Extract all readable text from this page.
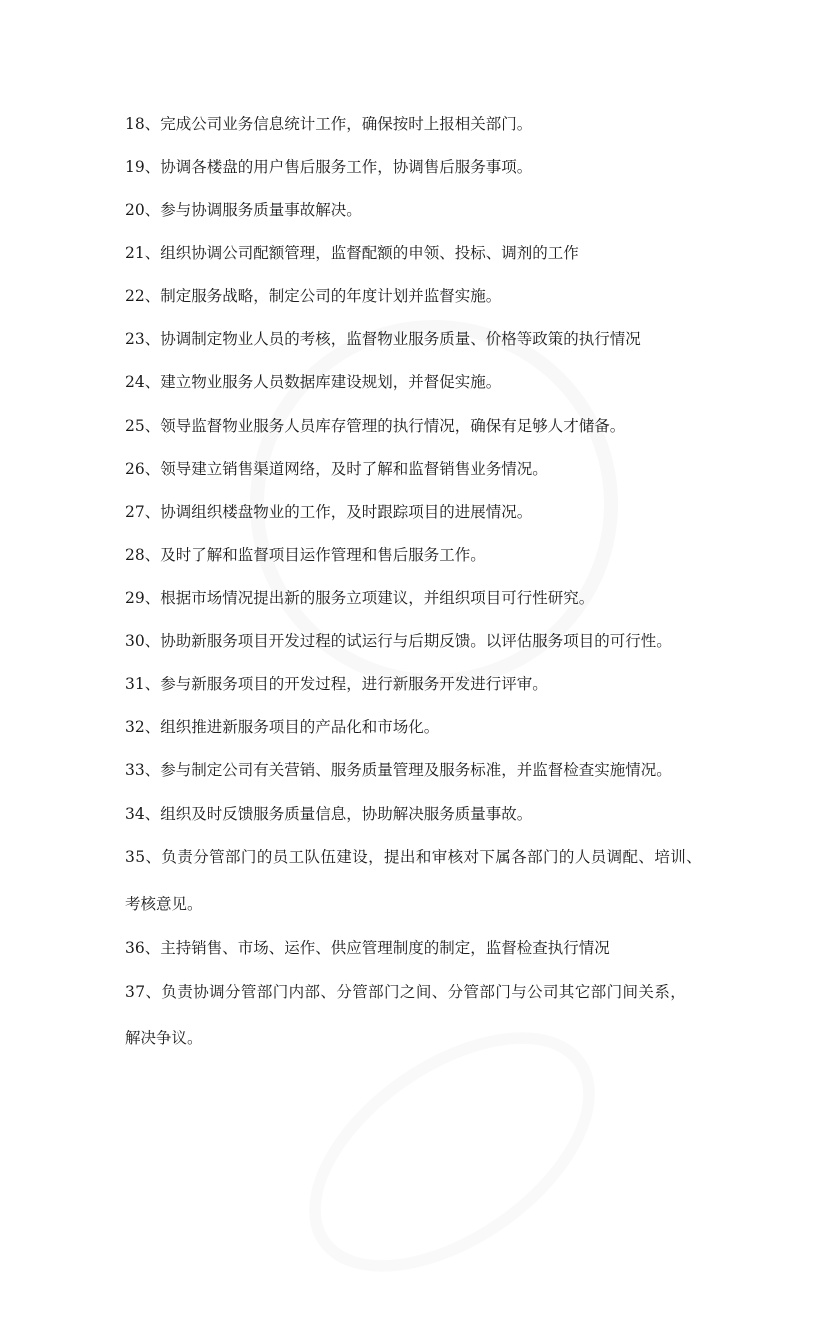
18、完成公司业务信息统计工作，确保按时上报相关部门。
19、协调各楼盘的用户售后服务工作，协调售后服务事项。
20、参与协调服务质量事故解决。
21、组织协调公司配额管理，监督配额的申领、投标、调剂的工作
22、制定服务战略，制定公司的年度计划并监督实施。
23、协调制定物业人员的考核，监督物业服务质量、价格等政策的执行情况
24、建立物业服务人员数据库建设规划，并督促实施。
25、领导监督物业服务人员库存管理的执行情况，确保有足够人才储备。
26、领导建立销售渠道网络，及时了解和监督销售业务情况。
27、协调组织楼盘物业的工作，及时跟踪项目的进展情况。
28、及时了解和监督项目运作管理和售后服务工作。
29、根据市场情况提出新的服务立项建议，并组织项目可行性研究。
30、协助新服务项目开发过程的试运行与后期反馈。以评估服务项目的可行性。
31、参与新服务项目的开发过程，进行新服务开发进行评审。
32、组织推进新服务项目的产品化和市场化。
33、参与制定公司有关营销、服务质量管理及服务标准，并监督检查实施情况。
34、组织及时反馈服务质量信息，协助解决服务质量事故。
35、负责分管部门的员工队伍建设，提出和审核对下属各部门的人员调配、培训、
考核意见。
36、主持销售、市场、运作、供应管理制度的制定，监督检查执行情况
37、负责协调分管部门内部、分管部门之间、分管部门与公司其它部门间关系，
解决争议。
